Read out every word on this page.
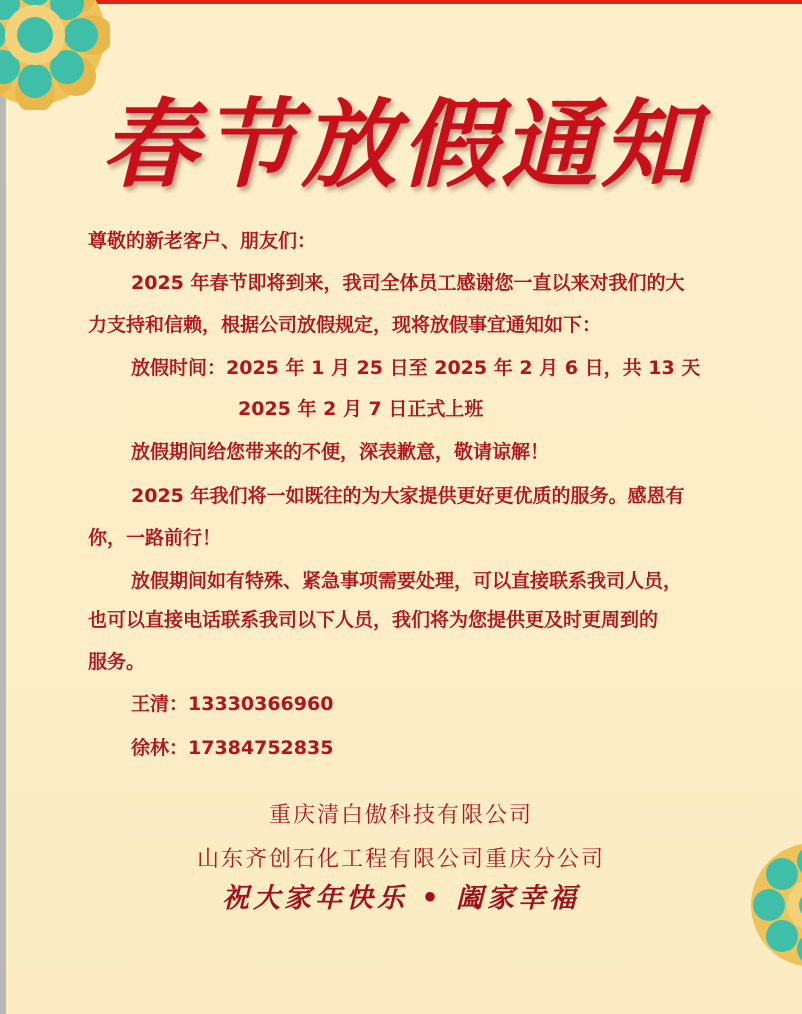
春节放假通知
尊敬的新老客户、朋友们：
2025 年春节即将到来，我司全体员工感谢您一直以来对我们的大
力支持和信赖，根据公司放假规定，现将放假事宜通知如下：
放假时间：2025 年 1 月 25 日至 2025 年 2 月 6 日，共 13 天
2025 年 2 月 7 日正式上班
放假期间给您带来的不便，深表歉意，敬请谅解！
2025 年我们将一如既往的为大家提供更好更优质的服务。感恩有
你，一路前行！
放假期间如有特殊、紧急事项需要处理，可以直接联系我司人员，
也可以直接电话联系我司以下人员，我们将为您提供更及时更周到的
服务。
王清：13330366960
徐林：17384752835
重庆清白傲科技有限公司
山东齐创石化工程有限公司重庆分公司
祝大家年快乐 • 阖家幸福
